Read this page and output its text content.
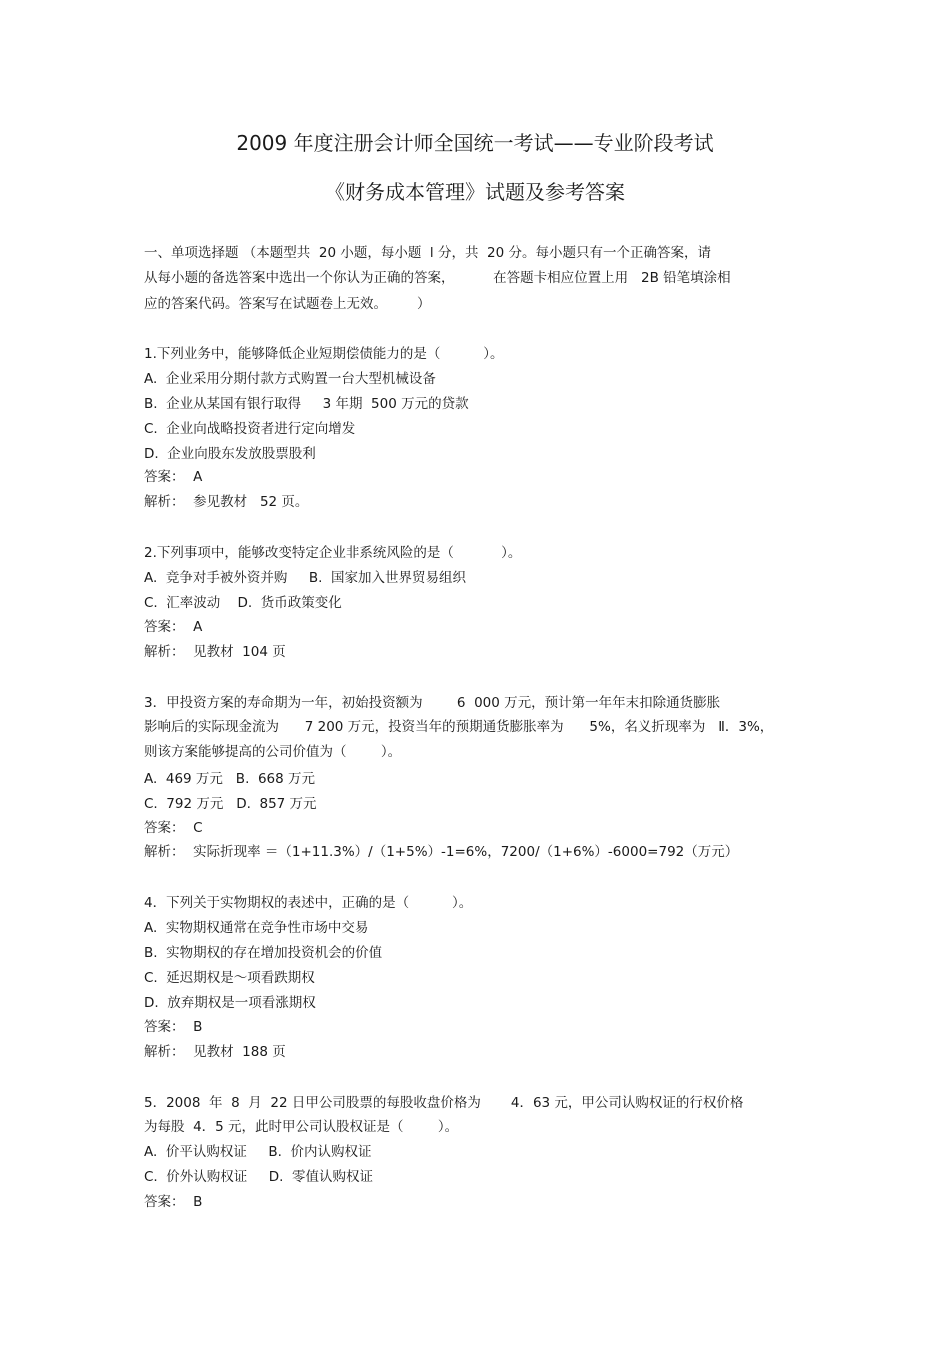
2009 年度注册会计师全国统一考试——专业阶段考试
《财务成本管理》试题及参考答案
一、单项选择题 （本题型共  20 小题，每小题  l 分，共  20 分。每小题只有一个正确答案，请
从每小题的备选答案中选出一个你认为正确的答案，         在答题卡相应位置上用   2B 铅笔填涂相
应的答案代码。答案写在试题卷上无效。       ）
1.下列业务中，能够降低企业短期偿债能力的是（          ）。
A.  企业采用分期付款方式购置一台大型机械设备
B.  企业从某国有银行取得     3 年期  500 万元的贷款
C.  企业向战略投资者进行定向增发
D.  企业向股东发放股票股利
答案：  A
解析：  参见教材   52 页。
2.下列事项中，能够改变特定企业非系统风险的是（           ）。
A.  竞争对手被外资并购     B.  国家加入世界贸易组织
C.  汇率波动    D.  货币政策变化
答案：  A
解析：  见教材  104 页
3．甲投资方案的寿命期为一年，初始投资额为        6  000 万元，预计第一年年末扣除通货膨胀
影响后的实际现金流为      7 200 万元，投资当年的预期通货膨胀率为      5%，名义折现率为   Ⅱ．3%，
则该方案能够提高的公司价值为（        ）。
A.  469 万元   B.  668 万元
C.  792 万元   D.  857 万元
答案：  C
解析：  实际折现率 ＝（1+11.3%）/（1+5%）-1=6%，7200/（1+6%）-6000=792（万元）
4．下列关于实物期权的表述中，正确的是（          ）。
A.  实物期权通常在竞争性市场中交易
B.  实物期权的存在增加投资机会的价值
C.  延迟期权是～项看跌期权
D.  放弃期权是一项看涨期权
答案：  B
解析：  见教材  188 页
5．2008  年  8  月  22 日甲公司股票的每股收盘价格为       4．63 元，甲公司认购权证的行权价格
为每股  4．5 元，此时甲公司认股权证是（        ）。
A.  价平认购权证     B.  价内认购权证
C.  价外认购权证     D.  零值认购权证
答案：  B
